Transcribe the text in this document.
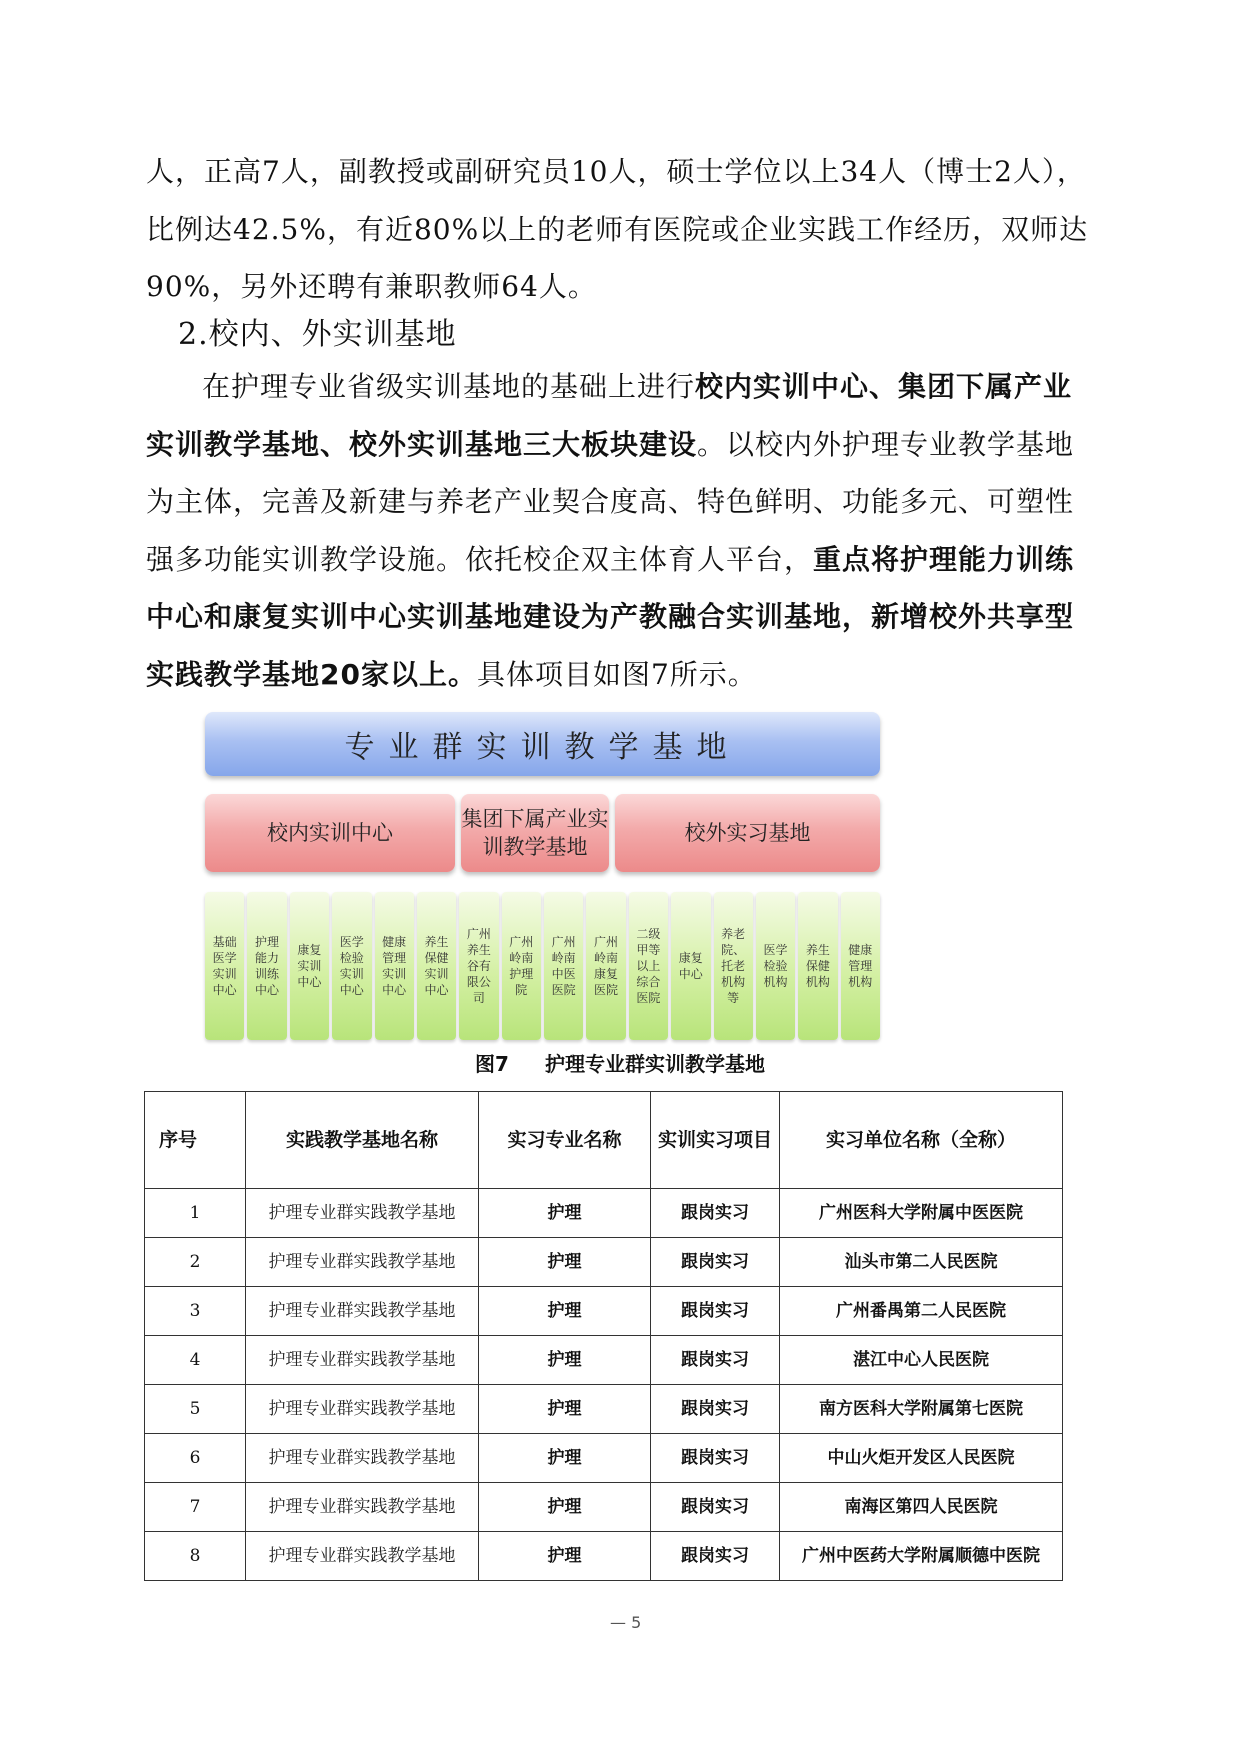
人，正高7人，副教授或副研究员10人，硕士学位以上34人（博士2人），比例达42.5%，有近80%以上的老师有医院或企业实践工作经历，双师达90%，另外还聘有兼职教师64人。
2.校内、外实训基地
在护理专业省级实训基地的基础上进行校内实训中心、集团下属产业实训教学基地、校外实训基地三大板块建设。以校内外护理专业教学基地为主体，完善及新建与养老产业契合度高、特色鲜明、功能多元、可塑性强多功能实训教学设施。依托校企双主体育人平台，重点将护理能力训练中心和康复实训中心实训基地建设为产教融合实训基地，新增校外共享型实践教学基地20家以上。具体项目如图7所示。
专业群实训教学基地
校内实训中心
集团下属产业实训教学基地
校外实习基地
基础医学实训中心
护理能力训练中心
康复实训中心
医学检验实训中心
健康管理实训中心
养生保健实训中心
广州养生谷有限公司
广州岭南护理院
广州岭南中医医院
广州岭南康复医院
二级甲等以上综合医院
康复中心
养老院、托老机构等
医学检验机构
养生保健机构
健康管理机构
图7 护理专业群实训教学基地
序号	实践教学基地名称	实习专业名称	实训实习项目	实习单位名称（全称）
1	护理专业群实践教学基地	护理	跟岗实习	广州医科大学附属中医医院
2	护理专业群实践教学基地	护理	跟岗实习	汕头市第二人民医院
3	护理专业群实践教学基地	护理	跟岗实习	广州番禺第二人民医院
4	护理专业群实践教学基地	护理	跟岗实习	湛江中心人民医院
5	护理专业群实践教学基地	护理	跟岗实习	南方医科大学附属第七医院
6	护理专业群实践教学基地	护理	跟岗实习	中山火炬开发区人民医院
7	护理专业群实践教学基地	护理	跟岗实习	南海区第四人民医院
8	护理专业群实践教学基地	护理	跟岗实习	广州中医药大学附属顺德中医院
— 5
